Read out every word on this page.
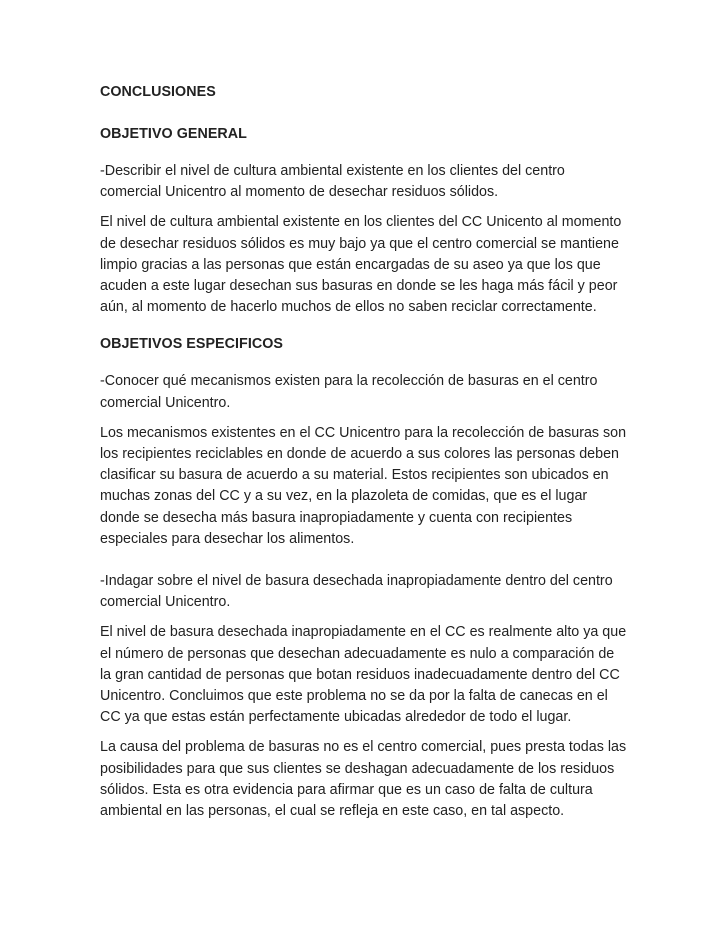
CONCLUSIONES
OBJETIVO GENERAL
-Describir el nivel de cultura ambiental existente en los clientes del centro
comercial Unicentro al momento de desechar residuos sólidos.
El nivel de cultura ambiental existente en los clientes del CC Unicento al momento
de desechar residuos sólidos es muy bajo ya que el centro comercial se mantiene
limpio gracias a las personas que están encargadas de su aseo ya que los que
acuden a este lugar desechan sus basuras en donde se les haga más fácil y peor
aún, al momento de hacerlo muchos de ellos no saben reciclar correctamente.
OBJETIVOS ESPECIFICOS
-Conocer qué mecanismos existen para la recolección de basuras en el centro
comercial Unicentro.
Los mecanismos existentes en el CC Unicentro para la recolección de basuras son
los recipientes reciclables en donde de acuerdo a sus colores las personas deben
clasificar su basura de acuerdo a su material. Estos recipientes son ubicados en
muchas zonas del CC y a su vez, en la plazoleta de comidas, que es el lugar
donde se desecha más basura inapropiadamente y cuenta con recipientes
especiales para desechar los alimentos.
-Indagar sobre el nivel de basura desechada inapropiadamente dentro del centro
comercial Unicentro.
El nivel de basura desechada inapropiadamente en el CC es realmente alto ya que
el número de personas que desechan adecuadamente es nulo a comparación de
la gran cantidad de personas que botan residuos inadecuadamente dentro del CC
Unicentro. Concluimos que este problema no se da por la falta de canecas en el
CC ya que estas están perfectamente ubicadas alrededor de todo el lugar.
La causa del problema de basuras no es el centro comercial, pues presta todas las
posibilidades para que sus clientes se deshagan adecuadamente de los residuos
sólidos. Esta es otra evidencia para afirmar que es un caso de falta de cultura
ambiental en las personas, el cual se refleja en este caso, en tal aspecto.
